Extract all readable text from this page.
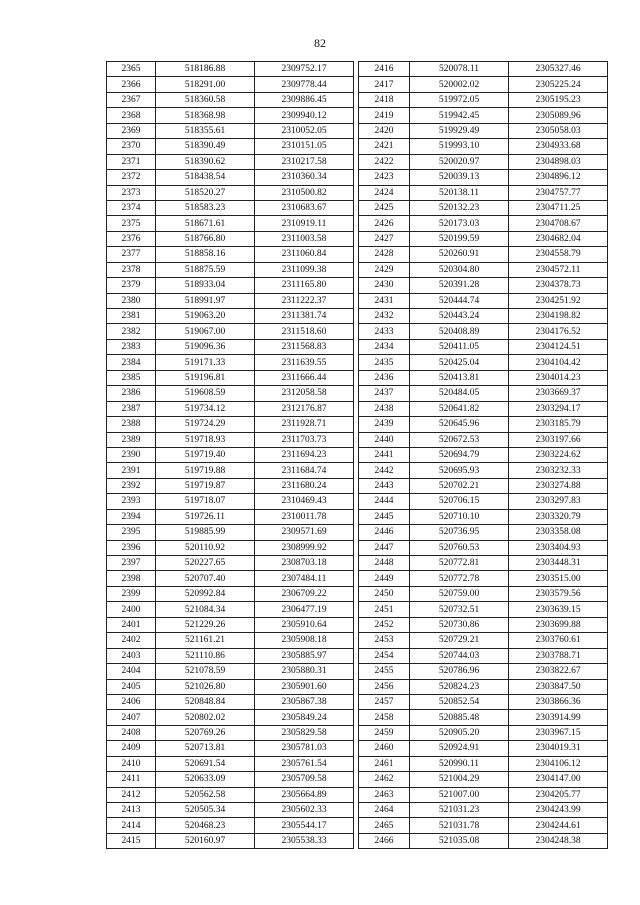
82
2365	518186.88	2309752.17
2366	518291.00	2309778.44
2367	518360.58	2309886.45
2368	518368.98	2309940.12
2369	518355.61	2310052.05
2370	518390.49	2310151.05
2371	518390.62	2310217.58
2372	518438.54	2310360.34
2373	518520.27	2310500.82
2374	518583.23	2310683.67
2375	518671.61	2310919.11
2376	518766.80	2311003.58
2377	518858.16	2311060.84
2378	518875.59	2311099.38
2379	518933.04	2311165.80
2380	518991.97	2311222.37
2381	519063.20	2311381.74
2382	519067.00	2311518.60
2383	519096.36	2311568.83
2384	519171.33	2311639.55
2385	519196.81	2311666.44
2386	519608.59	2312058.58
2387	519734.12	2312176.87
2388	519724.29	2311928.71
2389	519718.93	2311703.73
2390	519719.40	2311694.23
2391	519719.88	2311684.74
2392	519719.87	2311680.24
2393	519718.07	2310469.43
2394	519726.11	2310011.78
2395	519885.99	2309571.69
2396	520110.92	2308999.92
2397	520227.65	2308703.18
2398	520707.40	2307484.11
2399	520992.84	2306709.22
2400	521084.34	2306477.19
2401	521229.26	2305910.64
2402	521161.21	2305908.18
2403	521110.86	2305885.97
2404	521078.59	2305880.31
2405	521026.80	2305901.60
2406	520848.84	2305867.38
2407	520802.02	2305849.24
2408	520769.26	2305829.58
2409	520713.81	2305781.03
2410	520691.54	2305761.54
2411	520633.09	2305709.58
2412	520562.58	2305664.89
2413	520505.34	2305602.33
2414	520468.23	2305544.17
2415	520160.97	2305538.33
2416	520078.11	2305327.46
2417	520002.02	2305225.24
2418	519972.05	2305195.23
2419	519942.45	2305089.96
2420	519929.49	2305058.03
2421	519993.10	2304933.68
2422	520020.97	2304898.03
2423	520039.13	2304896.12
2424	520138.11	2304757.77
2425	520132.23	2304711.25
2426	520173.03	2304708.67
2427	520199.59	2304682.04
2428	520260.91	2304558.79
2429	520304.80	2304572.11
2430	520391.28	2304378.73
2431	520444.74	2304251.92
2432	520443.24	2304198.82
2433	520408.89	2304176.52
2434	520411.05	2304124.51
2435	520425.04	2304104.42
2436	520413.81	2304014.23
2437	520484.05	2303669.37
2438	520641.82	2303294.17
2439	520645.96	2303185.79
2440	520672.53	2303197.66
2441	520694.79	2303224.62
2442	520695.93	2303232.33
2443	520702.21	2303274.88
2444	520706.15	2303297.83
2445	520710.10	2303320.79
2446	520736.95	2303358.08
2447	520760.53	2303404.93
2448	520772.81	2303448.31
2449	520772.78	2303515.00
2450	520759.00	2303579.56
2451	520732.51	2303639.15
2452	520730.86	2303699.88
2453	520729.21	2303760.61
2454	520744.03	2303788.71
2455	520786.96	2303822.67
2456	520824.23	2303847.50
2457	520852.54	2303866.36
2458	520885.48	2303914.99
2459	520905.20	2303967.15
2460	520924.91	2304019.31
2461	520990.11	2304106.12
2462	521004.29	2304147.00
2463	521007.00	2304205.77
2464	521031.23	2304243.99
2465	521031.78	2304244.61
2466	521035.08	2304248.38
